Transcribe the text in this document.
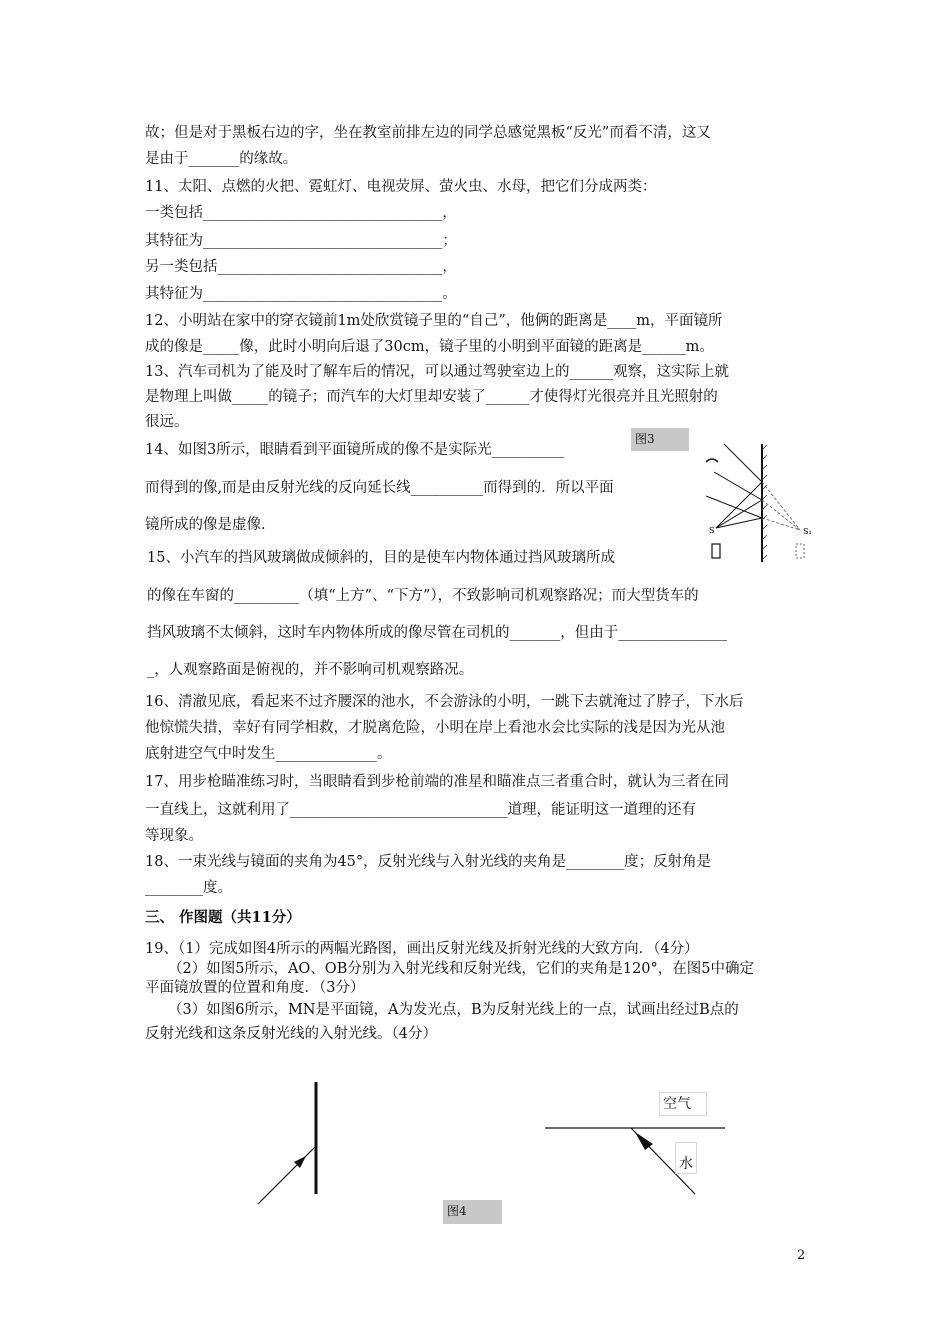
故；但是对于黑板右边的字，坐在教室前排左边的同学总感觉黑板“反光”而看不清，这又
是由于_______的缘故。
11、太阳、点燃的火把、霓虹灯、电视荧屏、萤火虫、水母，把它们分成两类：
一类包括_________________________________，
其特征为_________________________________；
另一类包括_______________________________，
其特征为_________________________________。
12、小明站在家中的穿衣镜前1m处欣赏镜子里的“自己”，他俩的距离是____m，平面镜所
成的像是_____像，此时小明向后退了30cm，镜子里的小明到平面镜的距离是______m。
13、汽车司机为了能及时了解车后的情况，可以通过驾驶室边上的______观察，这实际上就
是物理上叫做_____的镜子；而汽车的大灯里却安装了______才使得灯光很亮并且光照射的
很远。
14、如图3所示，眼睛看到平面镜所成的像不是实际光__________
而得到的像,而是由反射光线的反向延长线__________而得到的．所以平面
镜所成的像是虚像.
15、小汽车的挡风玻璃做成倾斜的，目的是使车内物体通过挡风玻璃所成
的像在车窗的_________（填“上方”、“下方”），不致影响司机观察路况；而大型货车的
挡风玻璃不太倾斜，这时车内物体所成的像尽管在司机的_______，但由于_______________
_，人观察路面是俯视的，并不影响司机观察路况。
16、清澈见底，看起来不过齐腰深的池水，不会游泳的小明，一跳下去就淹过了脖子，下水后
他惊慌失措，幸好有同学相救，才脱离危险，小明在岸上看池水会比实际的浅是因为光从池
底射进空气中时发生______________。
17、用步枪瞄准练习时，当眼睛看到步枪前端的准星和瞄准点三者重合时，就认为三者在同
一直线上，这就利用了______________________________道理，能证明这一道理的还有
等现象。
18、一束光线与镜面的夹角为45°，反射光线与入射光线的夹角是________度；反射角是
________度。
三、 作图题（共11分）
19、（1）完成如图4所示的两幅光路图，画出反射光线及折射光线的大致方向．（4分）
（2）如图5所示，AO、OB分别为入射光线和反射光线，它们的夹角是120°，在图5中确定
平面镜放置的位置和角度．（3分）
（3）如图6所示，MN是平面镜，A为发光点，B为反射光线上的一点，试画出经过B点的
反射光线和这条反射光线的入射光线。（4分）
图3
S	S₁
图4
空气
水
2
